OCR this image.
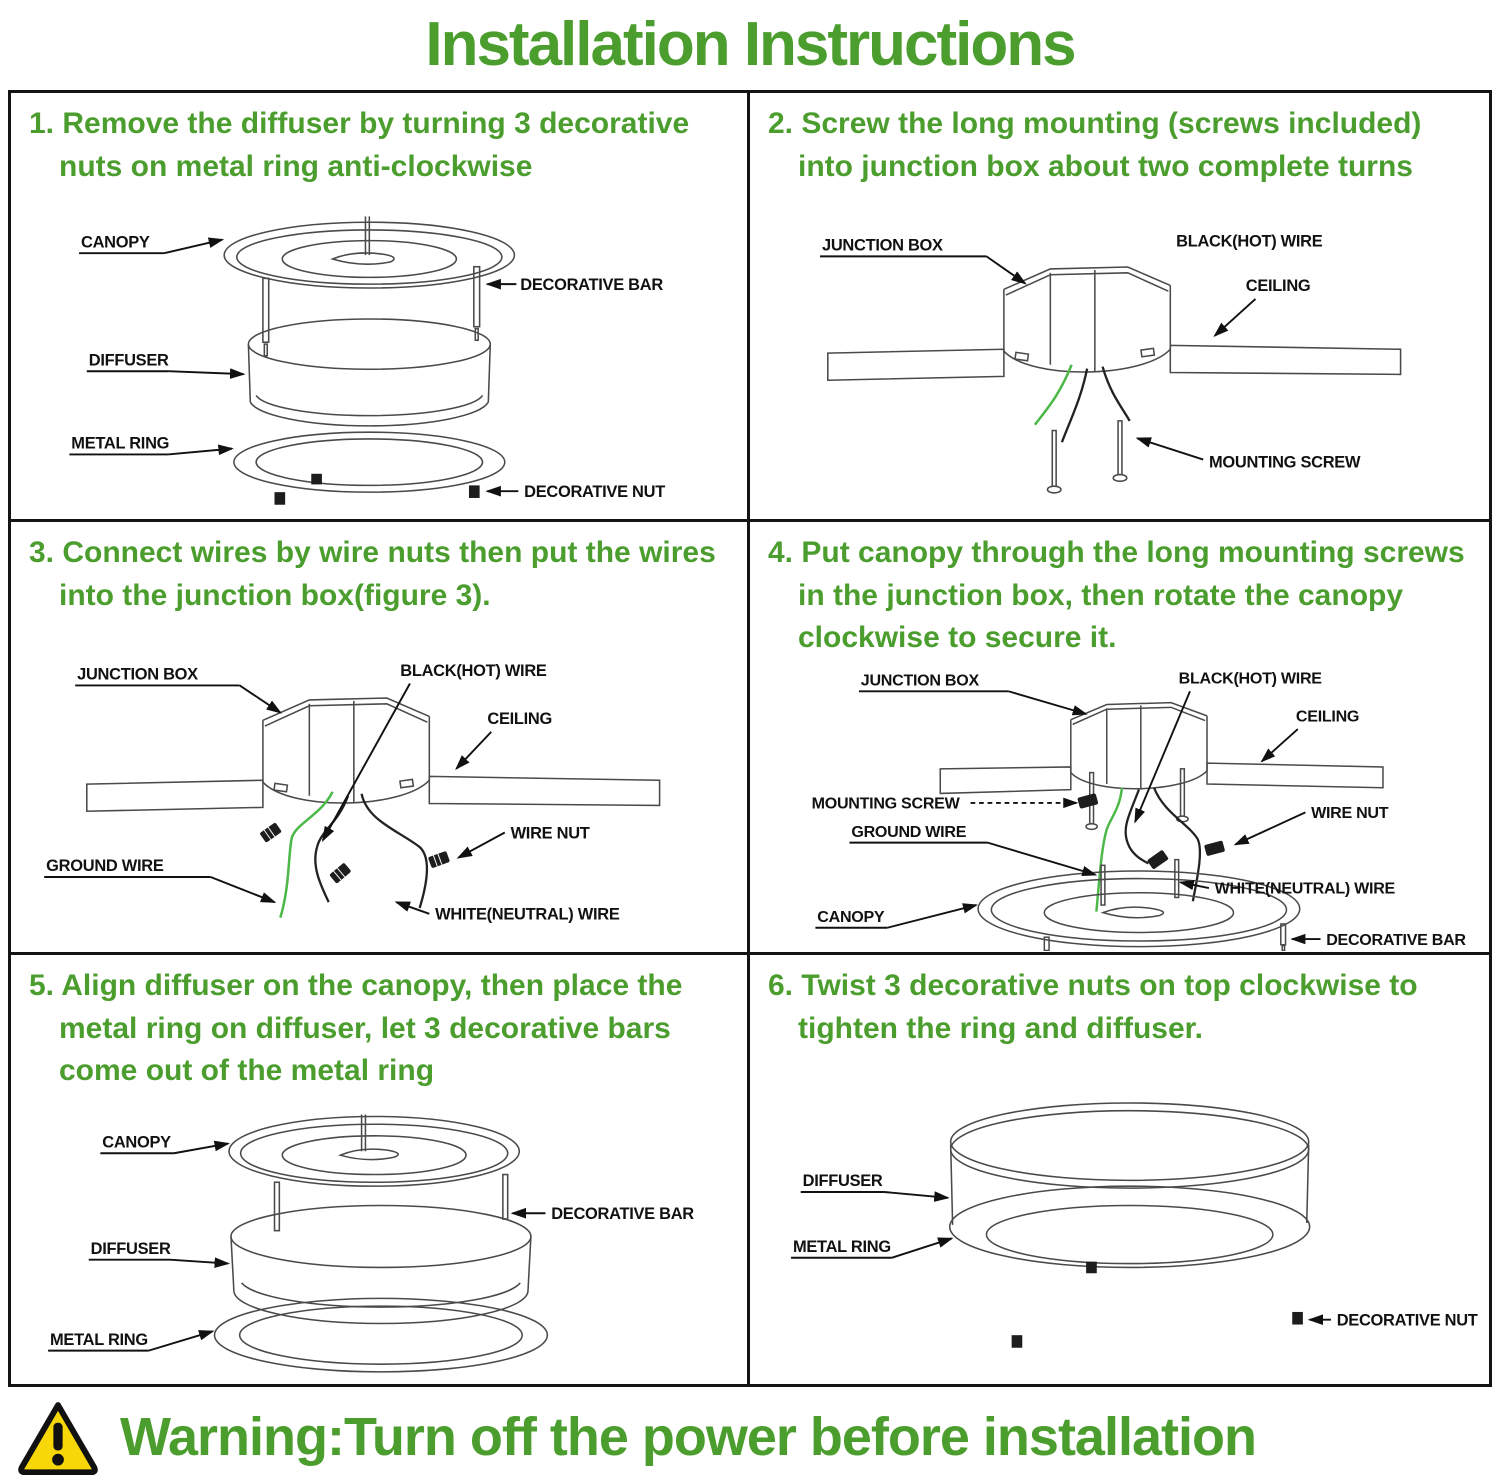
Installation Instructions
1. Remove the diffuser by turning 3 decorative nuts on metal ring anti-clockwise
CANOPY
DECORATIVE BAR
DIFFUSER
METAL RING
DECORATIVE NUT
2. Screw the long mounting (screws included) into junction box about two complete turns
JUNCTION BOX	BLACK(HOT) WIRE
CEILING
MOUNTING SCREW
3. Connect wires by wire nuts then put the wires into the junction box(figure 3).
JUNCTION BOX	BLACK(HOT) WIRE
CEILING
WIRE NUT
GROUND WIRE
WHITE(NEUTRAL) WIRE
4. Put canopy through the long mounting screws in the junction box, then rotate the canopy clockwise to secure it.
JUNCTION BOX	BLACK(HOT) WIRE
CEILING
MOUNTING SCREW
GROUND WIRE
WIRE NUT
WHITE(NEUTRAL) WIRE
CANOPY
DECORATIVE BAR
5. Align diffuser on the canopy, then place the metal ring on diffuser, let 3 decorative bars come out of the metal ring
CANOPY
DECORATIVE BAR
DIFFUSER
METAL RING
6. Twist 3 decorative nuts on top clockwise to tighten the ring and diffuser.
DIFFUSER
METAL RING
DECORATIVE NUT
Warning:Turn off the power before installation
